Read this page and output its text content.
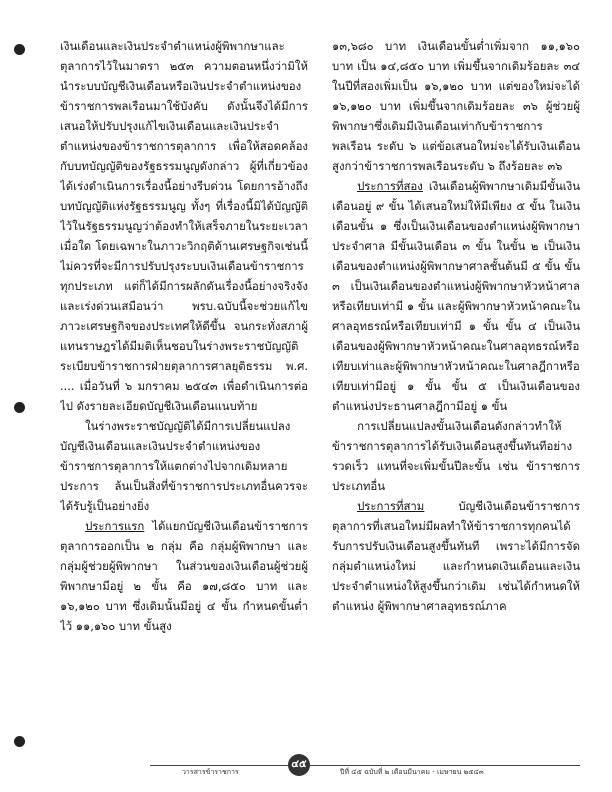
เงินเดือนและเงินประจำตำแหน่งผู้พิพากษาและตุลาการไว้ในมาตรา ๒๕๓ ความตอนหนึ่งว่ามิให้นำระบบบัญชีเงินเดือนหรือเงินประจำตำแหน่งของข้าราชการพลเรือนมาใช้บังคับ ดังนั้นจึงได้มีการเสนอให้ปรับปรุงแก้ไขเงินเดือนและเงินประจำตำแหน่งของข้าราชการตุลาการ เพื่อให้สอดคล้องกับบทบัญญัติของรัฐธรรมนูญดังกล่าว ผู้ที่เกี่ยวข้องได้เร่งดำเนินการเรื่องนี้อย่างรีบด่วน โดยการอ้างถึงบทบัญญัติแห่งรัฐธรรมนูญ ทั้งๆ ที่เรื่องนี้มิได้บัญญัติไว้ในรัฐธรรมนูญว่าต้องทำให้เสร็จภายในระยะเวลาเมื่อใด โดยเฉพาะในภาวะวิกฤติด้านเศรษฐกิจเช่นนี้ไม่ควรที่จะมีการปรับปรุงระบบเงินเดือนข้าราชการทุกประเภท แต่ก็ได้มีการผลักดันเรื่องนี้อย่างจริงจัง และเร่งด่วนเสมือนว่า พรบ.ฉบับนี้จะช่วยแก้ไขภาวะเศรษฐกิจของประเทศให้ดีขึ้น จนกระทั่งสภาผู้แทนราษฎรได้มีมติเห็นชอบในร่างพระราชบัญญัติระเบียบข้าราชการฝ่ายตุลาการศาลยุติธรรม พ.ศ. .... เมื่อวันที่ ๖ มกราคม ๒๕๔๓ เพื่อดำเนินการต่อไป ดังรายละเอียดบัญชีเงินเดือนแนบท้าย

ในร่างพระราชบัญญัติได้มีการเปลี่ยนแปลงบัญชีเงินเดือนและเงินประจำตำแหน่งของข้าราชการตุลาการให้แตกต่างไปจากเดิมหลายประการ ล้นเป็นสิ่งที่ข้าราชการประเภทอื่นควรจะได้รับรู้เป็นอย่างยิ่ง

ประการแรก ได้แยกบัญชีเงินเดือนข้าราชการตุลาการออกเป็น ๒ กลุ่ม คือ กลุ่มผู้พิพากษา และกลุ่มผู้ช่วยผู้พิพากษา ในส่วนของเงินเดือนผู้ช่วยผู้พิพากษามีอยู่ ๒ ขั้น คือ ๑๗,๘๕๐ บาท และ ๑๖,๑๒๐ บาท ซึ่งเดิมนั้นมีอยู่ ๔ ขั้น กำหนดขั้นต่ำไว้ ๑๑,๑๖๐ บาท ขั้นสูง

๑๓,๖๘๐ บาท เงินเดือนขั้นต่ำเพิ่มจาก ๑๑,๑๖๐ บาท เป็น ๑๔,๘๕๐ บาท เพิ่มขึ้นจากเดิมร้อยละ ๓๔ ในปีที่สองเพิ่มเป็น ๑๖,๑๒๐ บาท แต่ของใหม่จะได้ ๑๖,๑๒๐ บาท เพิ่มขึ้นจากเดิมร้อยละ ๓๖ ผู้ช่วยผู้พิพากษาซึ่งเดิมมีเงินเดือนเท่ากับข้าราชการพลเรือน ระดับ ๖ แต่ข้อเสนอใหม่จะได้รับเงินเดือนสูงกว่าข้าราชการพลเรือนระดับ ๖ ถึงร้อยละ ๓๖

ประการที่สอง เงินเดือนผู้พิพากษาเดิมมีขั้นเงินเดือนอยู่ ๙ ขั้น ได้เสนอใหม่ให้มีเพียง ๕ ขั้น ในเงินเดือนขั้น ๑ ซึ่งเป็นเงินเดือนของตำแหน่งผู้พิพากษาประจำศาล มีขั้นเงินเดือน ๓ ขั้น ในขั้น ๒ เป็นเงินเดือนของตำแหน่งผู้พิพากษาศาลชั้นต้นมี ๕ ขั้น ขั้น ๓ เป็นเงินเดือนของตำแหน่งผู้พิพากษาหัวหน้าศาลหรือเทียบเท่ามี ๑ ขั้น และผู้พิพากษาหัวหน้าคณะในศาลอุทธรณ์หรือเทียบเท่ามี ๑ ขั้น ขั้น ๔ เป็นเงินเดือนของผู้พิพากษาหัวหน้าคณะในศาลอุทธรณ์หรือเทียบเท่าและผู้พิพากษาหัวหน้าคณะในศาลฎีกาหรือเทียบเท่ามีอยู่ ๑ ขั้น ขั้น ๕ เป็นเงินเดือนของตำแหน่งประธานศาลฎีกามีอยู่ ๑ ขั้น

การเปลี่ยนแปลงขั้นเงินเดือนดังกล่าวทำให้ข้าราชการตุลาการได้รับเงินเดือนสูงขึ้นทันทีอย่างรวดเร็ว แทนที่จะเพิ่มขั้นปีละขั้น เช่น ข้าราชการประเภทอื่น

ประการที่สาม	บัญชีเงินเดือนข้าราชการตุลาการที่เสนอใหม่มีผลทำให้ข้าราชการทุกคนได้รับการปรับเงินเดือนสูงขึ้นทันที เพราะได้มีการจัดกลุ่มตำแหน่งใหม่ และกำหนดเงินเดือนและเงินประจำตำแหน่งให้สูงขึ้นกว่าเดิม เช่นได้กำหนดให้ตำแหน่ง ผู้พิพากษาศาลอุทธรณ์ภาค

วารสารข้าราชการ
๔๕
ปีที่ ๔๕ ฉบับที่ ๒ เดือนมีนาคม - เมษายน ๒๕๔๓
